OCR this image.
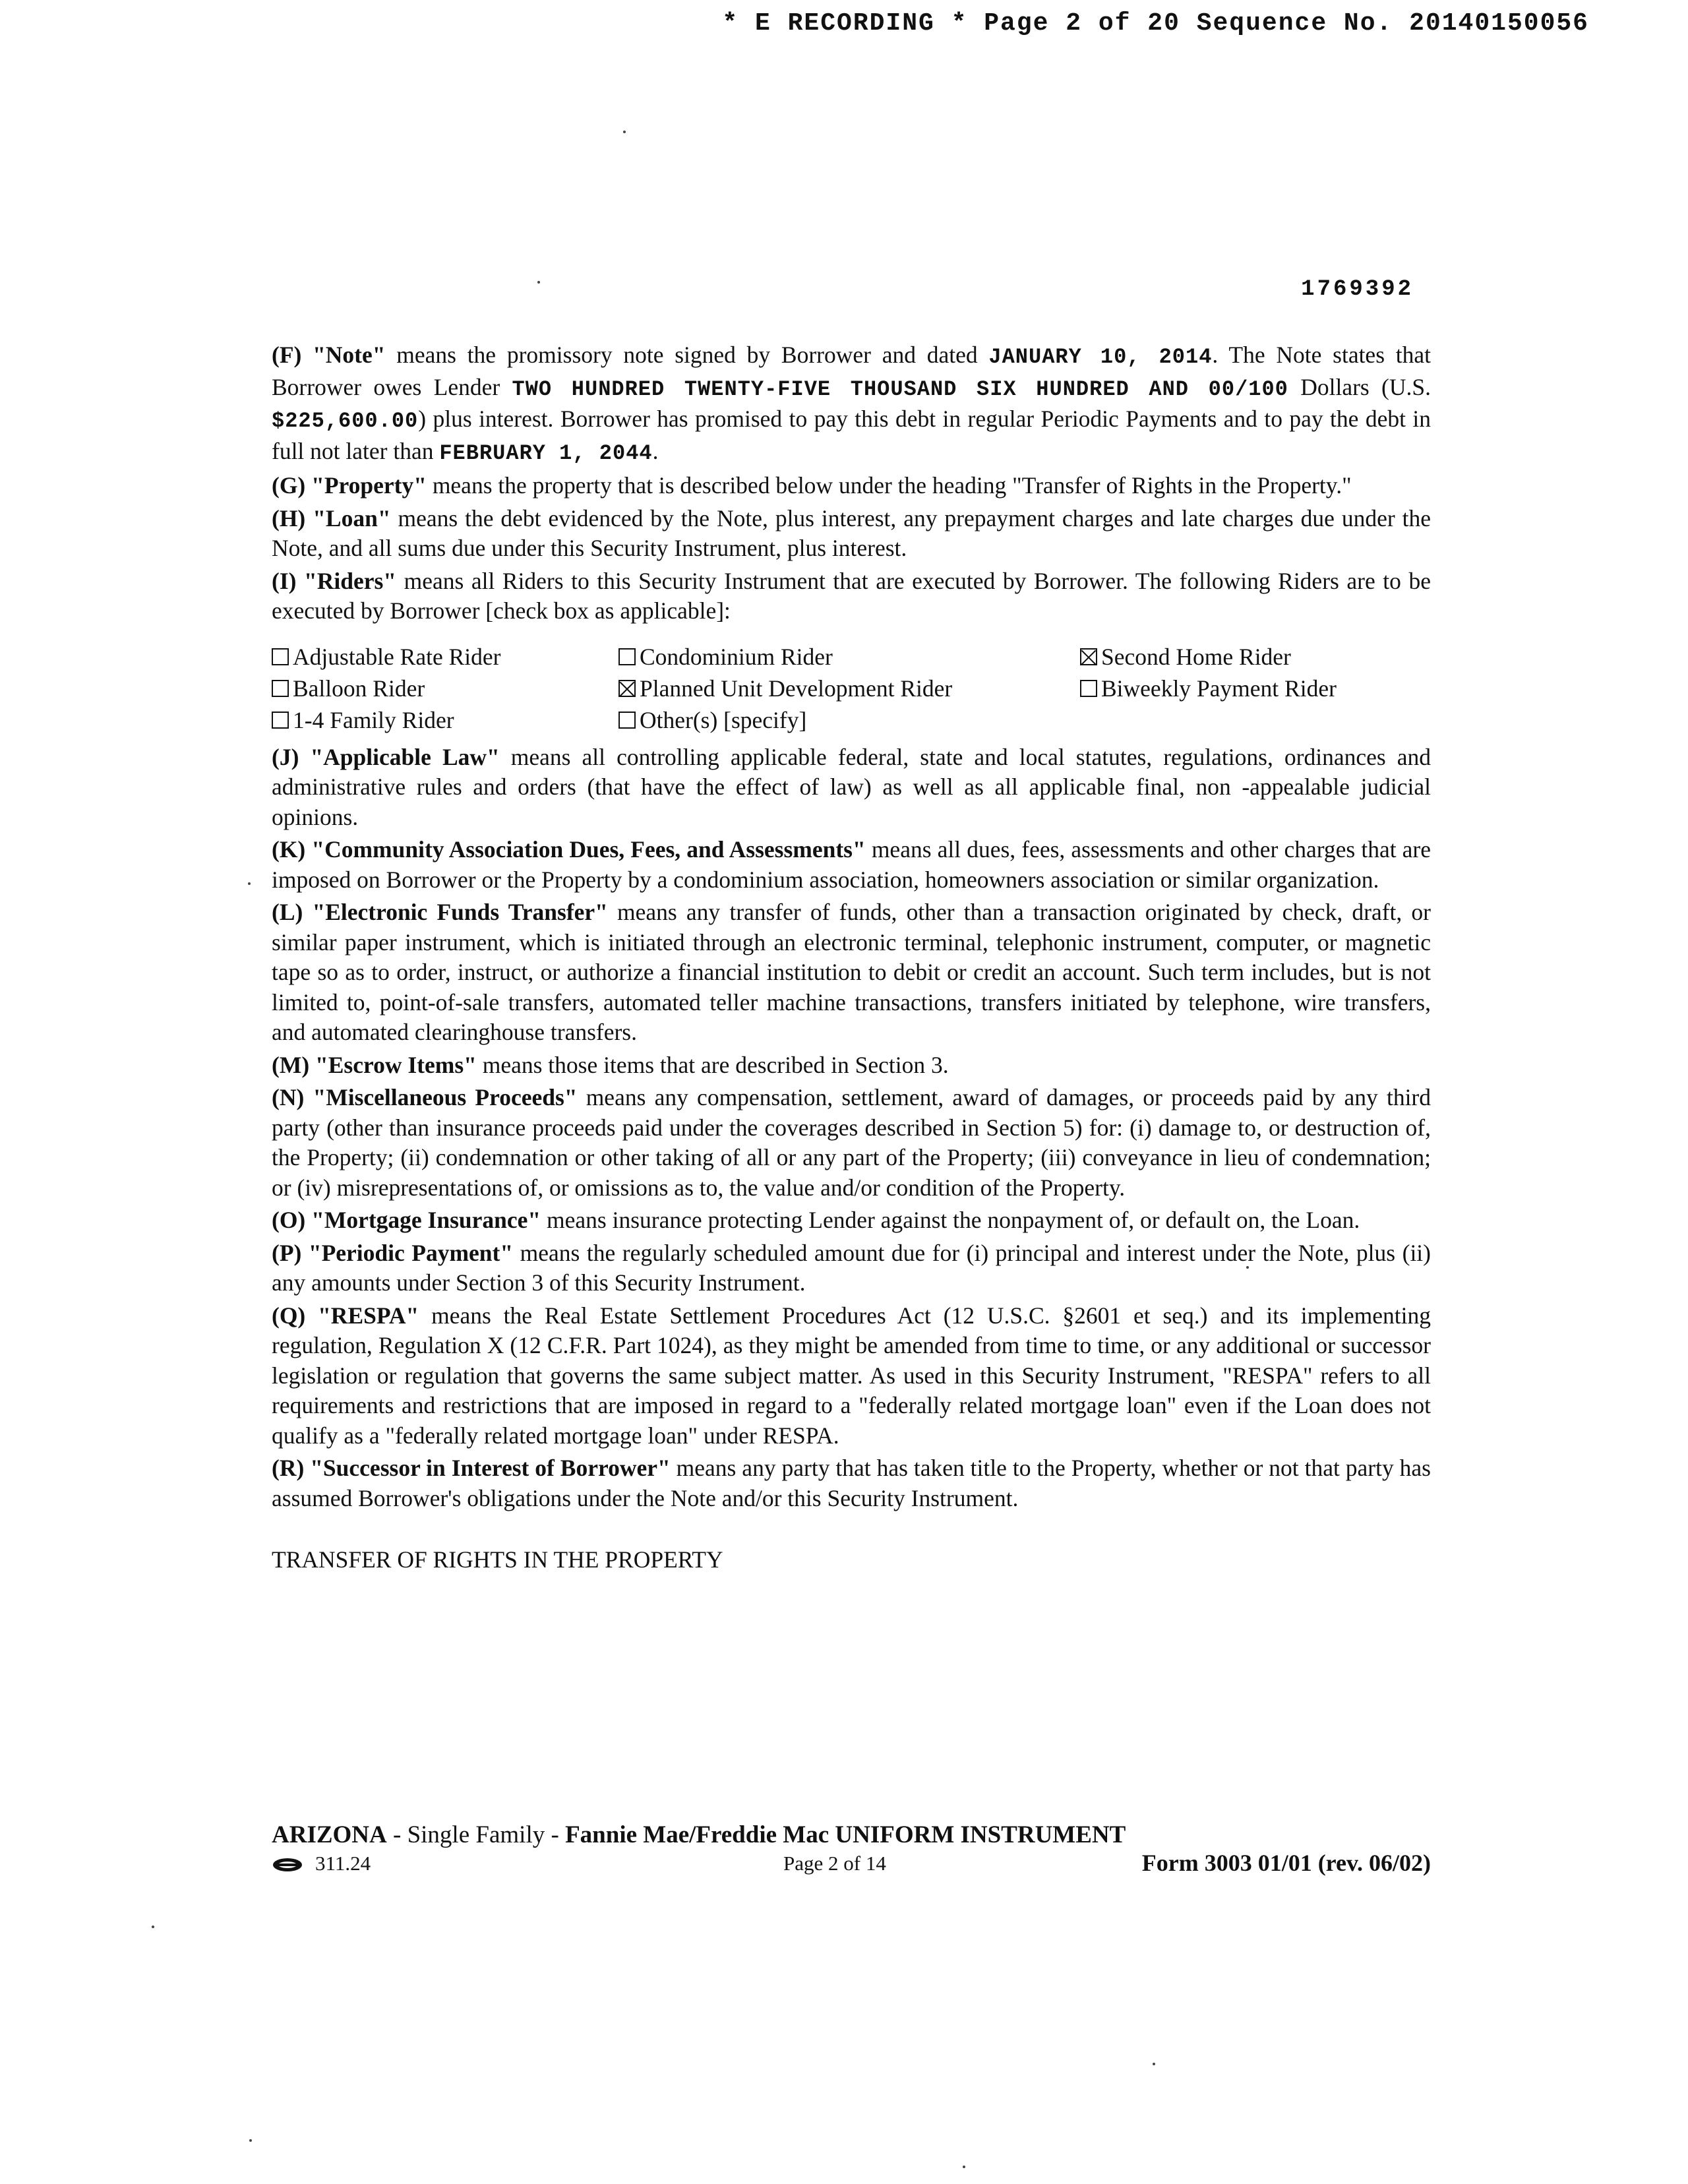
* E RECORDING * Page 2 of 20 Sequence No. 20140150056
1769392

(F) "Note" means the promissory note signed by Borrower and dated JANUARY 10, 2014. The Note states that Borrower owes Lender TWO HUNDRED TWENTY-FIVE THOUSAND SIX HUNDRED AND 00/100 Dollars (U.S. $225,600.00) plus interest. Borrower has promised to pay this debt in regular Periodic Payments and to pay the debt in full not later than FEBRUARY 1, 2044.

(G) "Property" means the property that is described below under the heading "Transfer of Rights in the Property."

(H) "Loan" means the debt evidenced by the Note, plus interest, any prepayment charges and late charges due under the Note, and all sums due under this Security Instrument, plus interest.

(I) "Riders" means all Riders to this Security Instrument that are executed by Borrower. The following Riders are to be executed by Borrower [check box as applicable]:

Adjustable Rate Rider	Condominium Rider	Second Home Rider
Balloon Rider	Planned Unit Development Rider	Biweekly Payment Rider
1-4 Family Rider	Other(s) [specify]

(J) "Applicable Law" means all controlling applicable federal, state and local statutes, regulations, ordinances and administrative rules and orders (that have the effect of law) as well as all applicable final, non -appealable judicial opinions.

(K) "Community Association Dues, Fees, and Assessments" means all dues, fees, assessments and other charges that are imposed on Borrower or the Property by a condominium association, homeowners association or similar organization.

(L) "Electronic Funds Transfer" means any transfer of funds, other than a transaction originated by check, draft, or similar paper instrument, which is initiated through an electronic terminal, telephonic instrument, computer, or magnetic tape so as to order, instruct, or authorize a financial institution to debit or credit an account. Such term includes, but is not limited to, point-of-sale transfers, automated teller machine transactions, transfers initiated by telephone, wire transfers, and automated clearinghouse transfers.

(M) "Escrow Items" means those items that are described in Section 3.

(N) "Miscellaneous Proceeds" means any compensation, settlement, award of damages, or proceeds paid by any third party (other than insurance proceeds paid under the coverages described in Section 5) for: (i) damage to, or destruction of, the Property; (ii) condemnation or other taking of all or any part of the Property; (iii) conveyance in lieu of condemnation; or (iv) misrepresentations of, or omissions as to, the value and/or condition of the Property.

(O) "Mortgage Insurance" means insurance protecting Lender against the nonpayment of, or default on, the Loan.

(P) "Periodic Payment" means the regularly scheduled amount due for (i) principal and interest under the Note, plus (ii) any amounts under Section 3 of this Security Instrument.

(Q) "RESPA" means the Real Estate Settlement Procedures Act (12 U.S.C. §2601 et seq.) and its implementing regulation, Regulation X (12 C.F.R. Part 1024), as they might be amended from time to time, or any additional or successor legislation or regulation that governs the same subject matter. As used in this Security Instrument, "RESPA" refers to all requirements and restrictions that are imposed in regard to a "federally related mortgage loan" even if the Loan does not qualify as a "federally related mortgage loan" under RESPA.

(R) "Successor in Interest of Borrower" means any party that has taken title to the Property, whether or not that party has assumed Borrower's obligations under the Note and/or this Security Instrument.

TRANSFER OF RIGHTS IN THE PROPERTY
ARIZONA - Single Family - Fannie Mae/Freddie Mac UNIFORM INSTRUMENT
311.24	Page 2 of 14	Form 3003 01/01 (rev. 06/02)
